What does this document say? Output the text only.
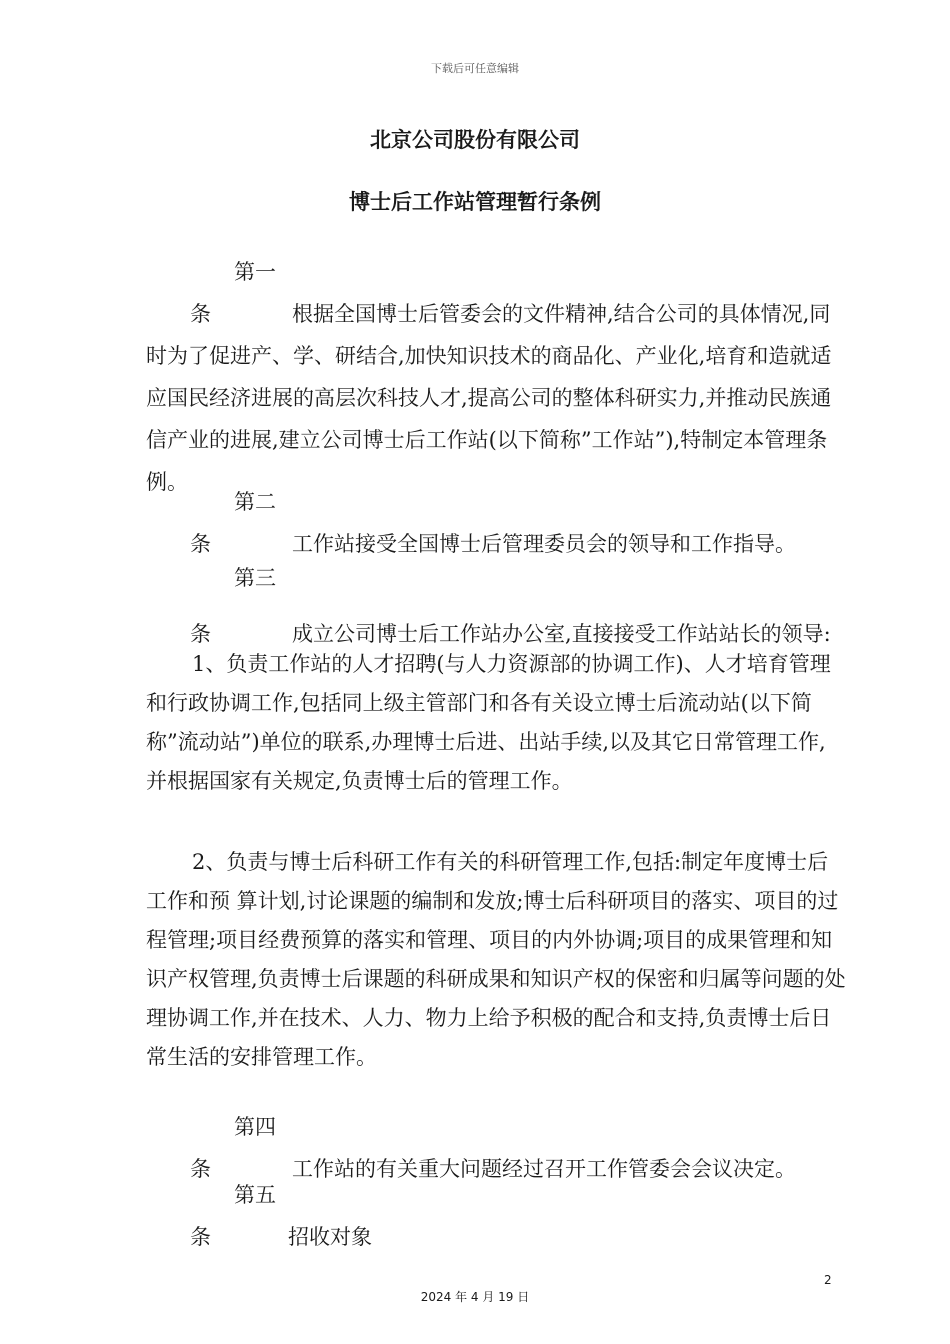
下载后可任意编辑
北京公司股份有限公司
博士后工作站管理暂行条例

第一条	根据全国博士后管委会的文件精神,结合公司的具体情况,同时为了促进产、学、研结合,加快知识技术的商品化、产业化,培育和造就适应国民经济进展的高层次科技人才,提高公司的整体科研实力,并推动民族通信产业的进展,建立公司博士后工作站(以下简称”工作站”),特制定本管理条例。

第二条	工作站接受全国博士后管理委员会的领导和工作指导。

第三条	成立公司博士后工作站办公室,直接接受工作站站长的领导:

1、负责工作站的人才招聘(与人力资源部的协调工作)、人才培育管理和行政协调工作,包括同上级主管部门和各有关设立博士后流动站(以下简称”流动站”)单位的联系,办理博士后进、出站手续,以及其它日常管理工作,并根据国家有关规定,负责博士后的管理工作。

2、负责与博士后科研工作有关的科研管理工作,包括:制定年度博士后工作和预 算计划,讨论课题的编制和发放;博士后科研项目的落实、项目的过程管理;项目经费预算的落实和管理、项目的内外协调;项目的成果管理和知识产权管理,负责博士后课题的科研成果和知识产权的保密和归属等问题的处理协调工作,并在技术、人力、物力上给予积极的配合和支持,负责博士后日常生活的安排管理工作。

第四条	工作站的有关重大问题经过召开工作管委会会议决定。

第五条	招收对象

2
2024 年 4 月 19 日
